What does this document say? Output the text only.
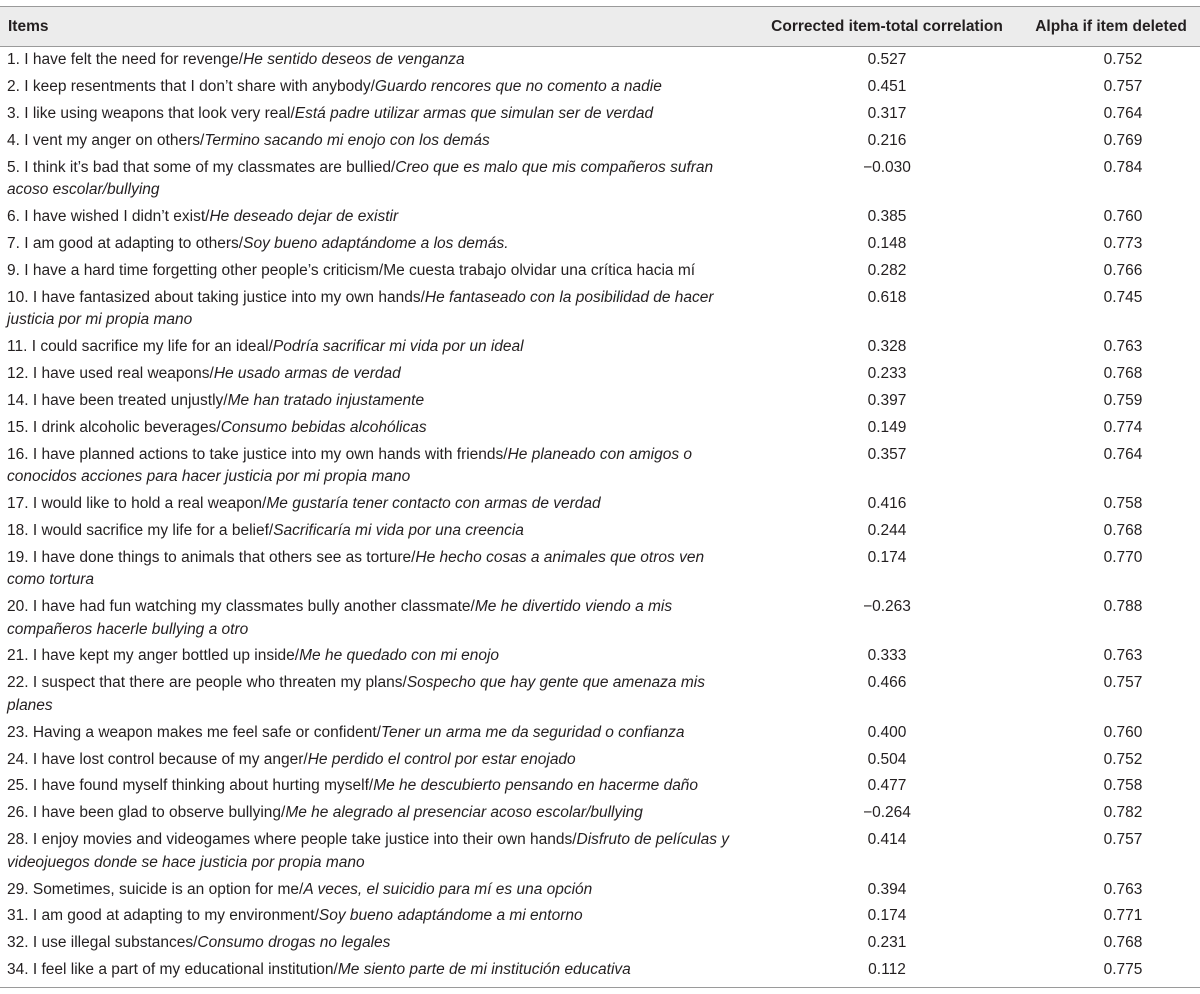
Items	Corrected item-total correlation	Alpha if item deleted
1. I have felt the need for revenge/He sentido deseos de venganza	0.527	0.752
2. I keep resentments that I don’t share with anybody/Guardo rencores que no comento a nadie	0.451	0.757
3. I like using weapons that look very real/Está padre utilizar armas que simulan ser de verdad	0.317	0.764
4. I vent my anger on others/Termino sacando mi enojo con los demás	0.216	0.769
5. I think it’s bad that some of my classmates are bullied/Creo que es malo que mis compañeros sufran acoso escolar/bullying	−0.030	0.784
6. I have wished I didn’t exist/He deseado dejar de existir	0.385	0.760
7. I am good at adapting to others/Soy bueno adaptándome a los demás.	0.148	0.773
9. I have a hard time forgetting other people’s criticism/Me cuesta trabajo olvidar una crítica hacia mí	0.282	0.766
10. I have fantasized about taking justice into my own hands/He fantaseado con la posibilidad de hacer justicia por mi propia mano	0.618	0.745
11. I could sacrifice my life for an ideal/Podría sacrificar mi vida por un ideal	0.328	0.763
12. I have used real weapons/He usado armas de verdad	0.233	0.768
14. I have been treated unjustly/Me han tratado injustamente	0.397	0.759
15. I drink alcoholic beverages/Consumo bebidas alcohólicas	0.149	0.774
16. I have planned actions to take justice into my own hands with friends/He planeado con amigos o conocidos acciones para hacer justicia por mi propia mano	0.357	0.764
17. I would like to hold a real weapon/Me gustaría tener contacto con armas de verdad	0.416	0.758
18. I would sacrifice my life for a belief/Sacrificaría mi vida por una creencia	0.244	0.768
19. I have done things to animals that others see as torture/He hecho cosas a animales que otros ven como tortura	0.174	0.770
20. I have had fun watching my classmates bully another classmate/Me he divertido viendo a mis compañeros hacerle bullying a otro	−0.263	0.788
21. I have kept my anger bottled up inside/Me he quedado con mi enojo	0.333	0.763
22. I suspect that there are people who threaten my plans/Sospecho que hay gente que amenaza mis planes	0.466	0.757
23. Having a weapon makes me feel safe or confident/Tener un arma me da seguridad o confianza	0.400	0.760
24. I have lost control because of my anger/He perdido el control por estar enojado	0.504	0.752
25. I have found myself thinking about hurting myself/Me he descubierto pensando en hacerme daño	0.477	0.758
26. I have been glad to observe bullying/Me he alegrado al presenciar acoso escolar/bullying	−0.264	0.782
28. I enjoy movies and videogames where people take justice into their own hands/Disfruto de películas y videojuegos donde se hace justicia por propia mano	0.414	0.757
29. Sometimes, suicide is an option for me/A veces, el suicidio para mí es una opción	0.394	0.763
31. I am good at adapting to my environment/Soy bueno adaptándome a mi entorno	0.174	0.771
32. I use illegal substances/Consumo drogas no legales	0.231	0.768
34. I feel like a part of my educational institution/Me siento parte de mi institución educativa	0.112	0.775
